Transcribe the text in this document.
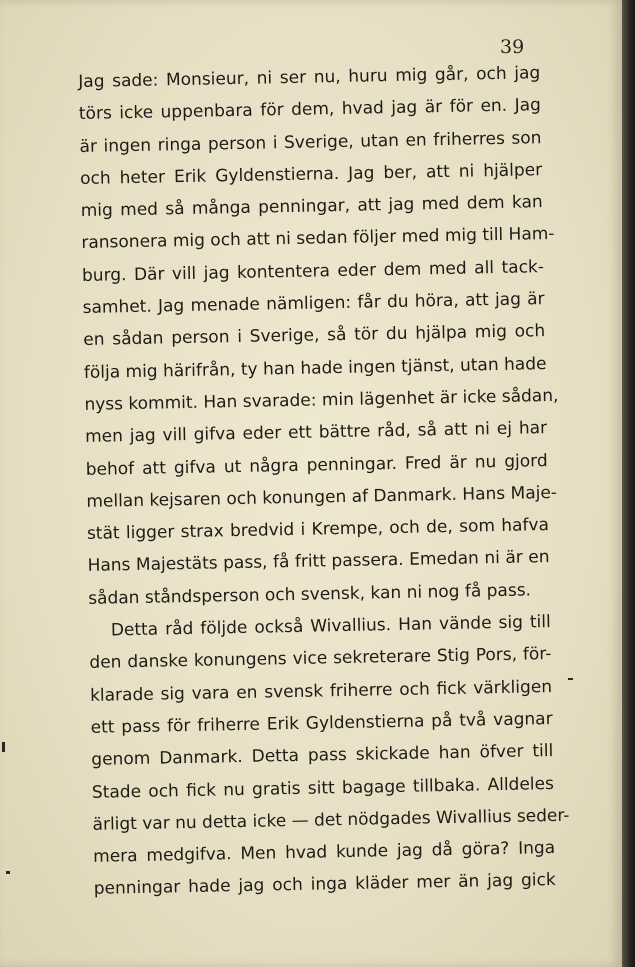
39
Jag sade: Monsieur, ni ser nu, huru mig går, och jag
törs icke uppenbara för dem, hvad jag är för en. Jag
är ingen ringa person i Sverige, utan en friherres son
och heter Erik Gyldenstierna. Jag ber, att ni hjälper
mig med så många penningar, att jag med dem kan
ransonera mig och att ni sedan följer med mig till Ham-
burg. Där vill jag kontentera eder dem med all tack-
samhet. Jag menade nämligen: får du höra, att jag är
en sådan person i Sverige, så tör du hjälpa mig och
följa mig härifrån, ty han hade ingen tjänst, utan hade
nyss kommit. Han svarade: min lägenhet är icke sådan,
men jag vill gifva eder ett bättre råd, så att ni ej har
behof att gifva ut några penningar. Fred är nu gjord
mellan kejsaren och konungen af Danmark. Hans Maje-
stät ligger strax bredvid i Krempe, och de, som hafva
Hans Majestäts pass, få fritt passera. Emedan ni är en
sådan ståndsperson och svensk, kan ni nog få pass.
Detta råd följde också Wivallius. Han vände sig till
den danske konungens vice sekreterare Stig Pors, för-
klarade sig vara en svensk friherre och fick värkligen
ett pass för friherre Erik Gyldenstierna på två vagnar
genom Danmark. Detta pass skickade han öfver till
Stade och fick nu gratis sitt bagage tillbaka. Alldeles
ärligt var nu detta icke — det nödgades Wivallius seder-
mera medgifva. Men hvad kunde jag då göra? Inga
penningar hade jag och inga kläder mer än jag gick
